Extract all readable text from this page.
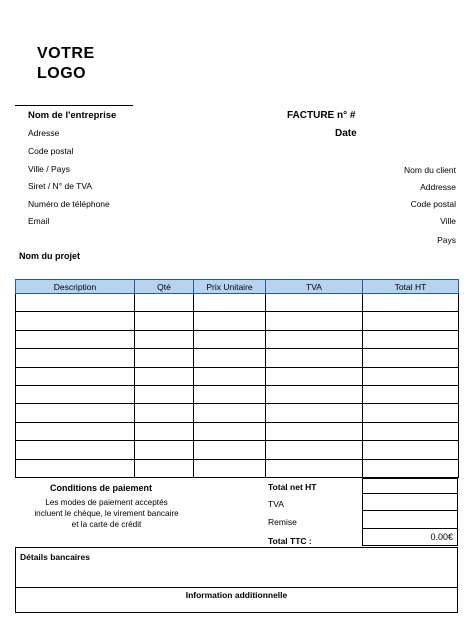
VOTRE
LOGO
Nom de l'entreprise
Adresse
Code postal
Ville / Pays
Siret / N° de TVA
Numéro de téléphone
Email
FACTURE n° #
Date
Nom du client
Addresse
Code postal
Ville
Pays
Nom du projet
Description	Qté	Prix Unitaire	TVA	Total HT

Conditions de paiement
Les modes de paiement acceptés
incluent le chèque, le virement bancaire
et la carte de crédit
Total net HT
TVA
Remise
Total TTC :	0.00€
Détails bancaires
Information additionnelle
